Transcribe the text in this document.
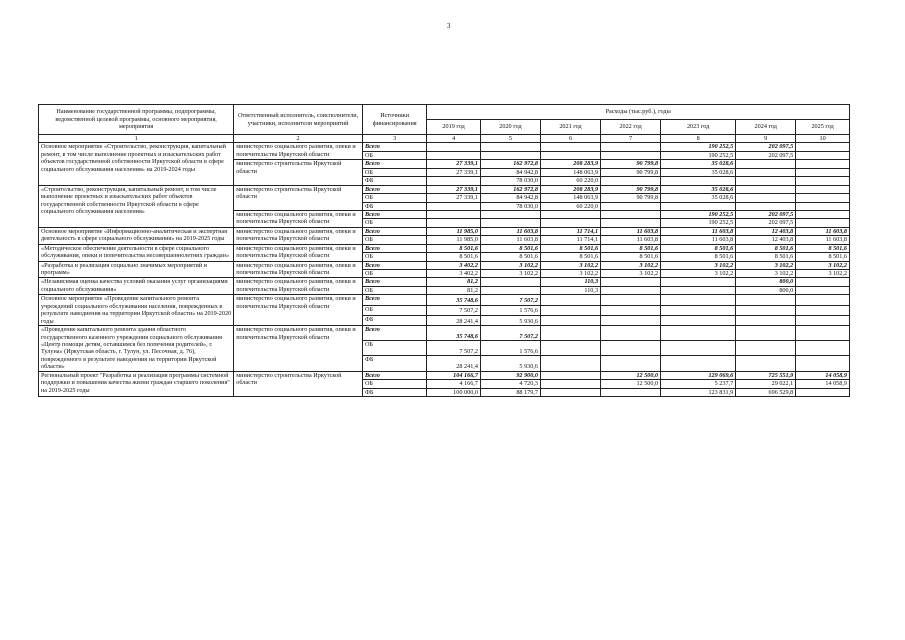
3
Наименование государственной программы, подпрограммы, ведомственной целевой программы, основного мероприятия, мероприятия	Ответственный исполнитель, соисполнители, участники, исполнители мероприятий	Источники финансирования	Расходы (тыс.руб.), годы						
			2019 год	2020 год	2021 год	2022 год	2023 год	2024 год	2025 год
1	2	3	4	5	6	7	8	9	10
Основное мероприятие «Строительство, реконструкция, капитальный ремонт, в том числе выполнение проектных и изыскательских работ объектов государственной собственности Иркутской области в сфере социального обслуживания населения» на 2019-2024 годы	министерство социального развития, опеки и попечительства Иркутской области	Всего					190 252,5	202 097,5	
		ОБ					190 252,5	202 097,5	
	министерство строительства Иркутской области	Всего	27 339,1	162 972,8	208 283,9	90 799,8	35 028,6		
		ОБ	27 339,1	84 942,8	148 063,9	90 799,8	35 028,6		
		ФБ		78 030,0	60 220,0				
«Строительство, реконструкция, капитальный ремонт, в том числе выполнение проектных и изыскательских работ объектов государственной собственности Иркутской области в сфере социального обслуживания населения»	министерство строительства Иркутской области	Всего	27 339,1	162 972,8	208 283,9	90 799,8	35 028,6		
		ОБ	27 339,1	84 942,8	148 063,9	90 799,8	35 028,6		
		ФБ		78 030,0	60 220,0				
	министерство социального развития, опеки и попечительства Иркутской области	Всего					190 252,5	202 097,5	
		ОБ					190 252,5	202 097,5	
Основное мероприятие «Информационно-аналитическая и экспертная деятельность в сфере социального обслуживания» на 2019-2025 годы	министерство социального развития, опеки и попечительства Иркутской области	Всего	11 985,0	11 603,8	11 714,1	11 603,8	11 603,8	12 403,8	11 603,8
		ОБ	11 985,0	11 603,8	11 714,1	11 603,8	11 603,8	12 403,8	11 603,8
«Методическое обеспечение деятельности в сфере социального обслуживания, опеки и попечительства несовершеннолетних граждан»	министерство социального развития, опеки и попечительства Иркутской области	Всего	8 501,6	8 501,6	8 501,6	8 501,6	8 501,6	8 501,6	8 501,6
		ОБ	8 501,6	8 501,6	8 501,6	8 501,6	8 501,6	8 501,6	8 501,6
«Разработка и реализация социально значимых мероприятий и программ»	министерство социального развития, опеки и попечительства Иркутской области	Всего	3 402,2	3 102,2	3 102,2	3 102,2	3 102,2	3 102,2	3 102,2
		ОБ	3 402,2	3 102,2	3 102,2	3 102,2	3 102,2	3 102,2	3 102,2
«Независимая оценка качества условий оказания услуг организациями социального обслуживания»	министерство социального развития, опеки и попечительства Иркутской области	Всего	81,2		110,3			800,0	
		ОБ	81,2		110,3			800,0	
Основное мероприятие «Проведение капитального ремонта учреждений социального обслуживания населения, поврежденных в результате наводнения на территории Иркутской области» на 2019-2020 годы	министерство социального развития, опеки и попечительства Иркутской области	Всего	35 748,6	7 507,2					
		ОБ	7 507,2	1 576,6					
		ФБ	28 241,4	5 930,6					
«Проведение капитального ремонта здания областного государственного казенного учреждения социального обслуживания «Центр помощи детям, оставшимся без попечения родителей», г. Тулуна» (Иркутская область, г. Тулун, ул. Песочная, д. 76), поврежденного в результате наводнения на территории Иркутской области»	министерство социального развития, опеки и попечительства Иркутской области	Всего	35 748,6	7 507,2					
		ОБ	7 507,2	1 576,6					
		ФБ	28 241,4	5 930,6					
Региональный проект "Разработка и реализация программы системной поддержки и повышения качества жизни граждан старшего поколения" на 2019-2025 годы	министерство строительства Иркутской области	Всего	104 166,7	92 900,0		12 500,0	129 069,6	725 551,9	14 058,9
		ОБ	4 166,7	4 720,3		12 500,0	5 237,7	29 022,1	14 058,9
		ФБ	100 000,0	88 179,7			123 831,9	696 529,8	
